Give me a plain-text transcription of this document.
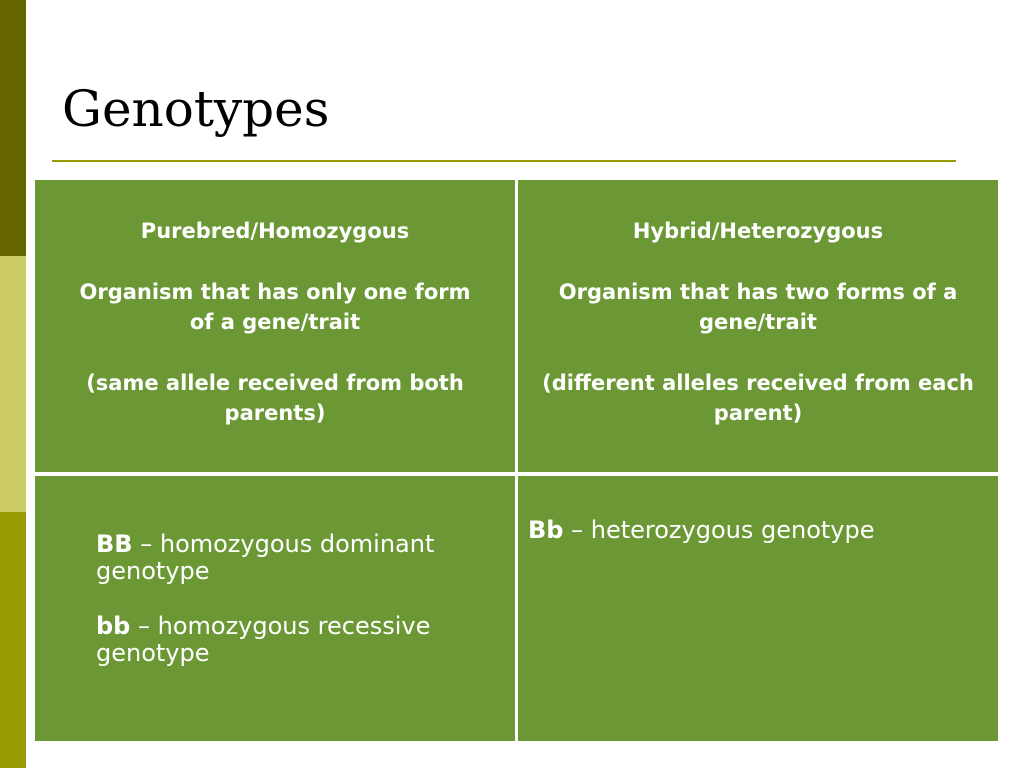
Genotypes

Purebred/Homozygous

Organism that has only one form of a gene/trait

(same allele received from both parents)

Hybrid/Heterozygous

Organism that has two forms of a gene/trait

(different alleles received from each parent)

BB – homozygous dominant genotype
bb – homozygous recessive genotype
Bb – heterozygous genotype
